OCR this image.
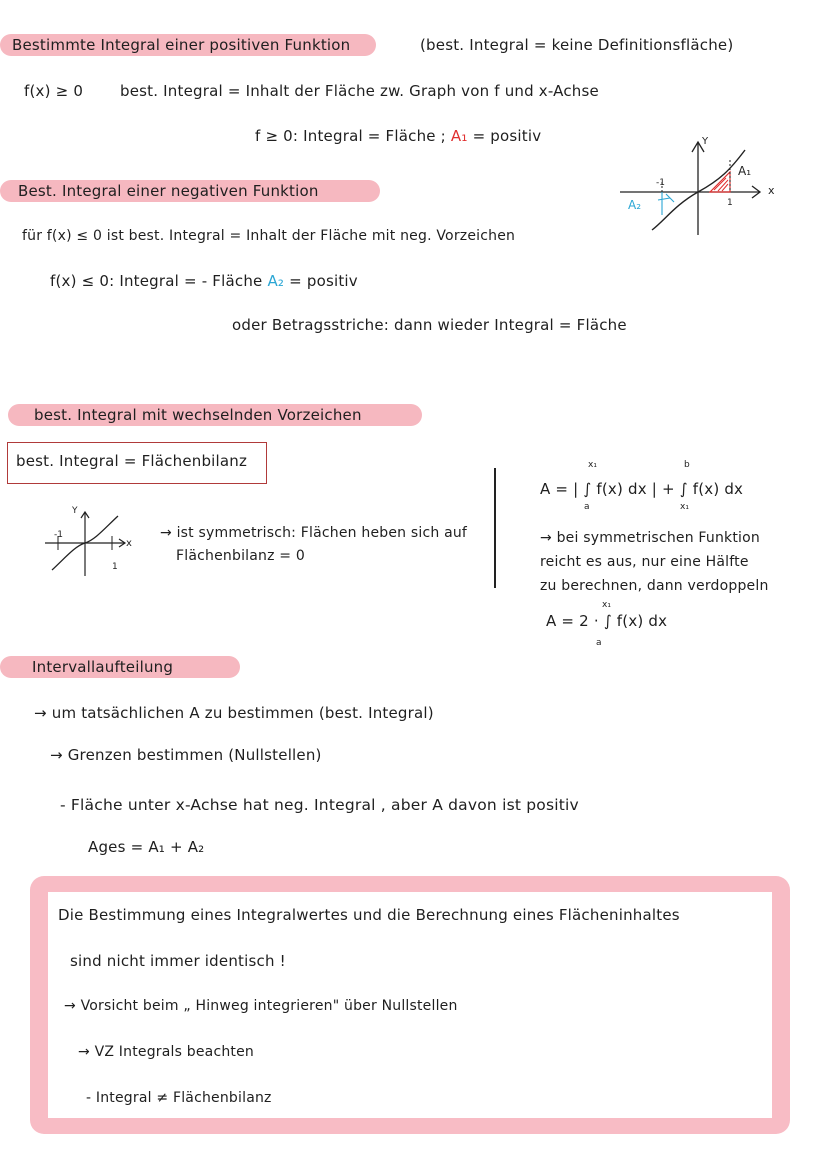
Bestimmte Integral einer positiven Funktion	(best. Integral = keine Definitionsfläche)
f(x) ≥ 0 best. Integral = Inhalt der Fläche zw. Graph von f und x-Achse
f ≥ 0: Integral = Fläche ; A₁ = positiv	Y
x
A₁
A₂
-1
1
Best. Integral einer negativen Funktion
für f(x) ≤ 0 ist best. Integral = Inhalt der Fläche mit neg. Vorzeichen
f(x) ≤ 0: Integral = - Fläche A₂ = positiv
oder Betragsstriche: dann wieder Integral = Fläche
best. Integral mit wechselnden Vorzeichen
best. Integral = Flächenbilanz
Y
x
-1
1
→ ist symmetrisch: Flächen heben sich auf
Flächenbilanz = 0
A = | ∫ f(x) dx | + ∫ f(x) dx
x₁
a
b
x₁
→ bei symmetrischen Funktion
reicht es aus, nur eine Hälfte
zu berechnen, dann verdoppeln
A = 2 · ∫ f(x) dx
x₁
a
Intervallaufteilung
→ um tatsächlichen A zu bestimmen (best. Integral)
→ Grenzen bestimmen (Nullstellen)
- Fläche unter x-Achse hat neg. Integral , aber A davon ist positiv
Ages = A₁ + A₂
Die Bestimmung eines Integralwertes und die Berechnung eines Flächeninhaltes
sind nicht immer identisch !
→ Vorsicht beim „ Hinweg integrieren" über Nullstellen
→ VZ Integrals beachten
- Integral ≠ Flächenbilanz
